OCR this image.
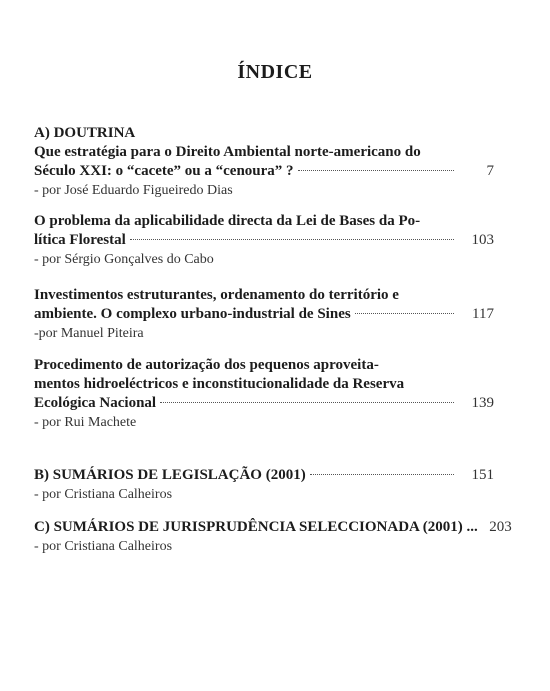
ÍNDICE
A) DOUTRINA
Que estratégia para o Direito Ambiental norte-americano do
Século XXI: o “cacete” ou a “cenoura” ?	7
- por José Eduardo Figueiredo Dias
O problema da aplicabilidade directa da Lei de Bases da Po-
lítica Florestal	103
- por Sérgio Gonçalves do Cabo
Investimentos estruturantes, ordenamento do território e
ambiente. O complexo urbano-industrial de Sines	117
-por Manuel Piteira
Procedimento de autorização dos pequenos aproveita-
mentos hidroeléctricos e inconstitucionalidade da Reserva
Ecológica Nacional	139
- por Rui Machete
B) SUMÁRIOS DE LEGISLAÇÃO (2001)	151
- por Cristiana Calheiros
C) SUMÁRIOS DE JURISPRUDÊNCIA SELECCIONADA (2001) ... 203
- por Cristiana Calheiros
